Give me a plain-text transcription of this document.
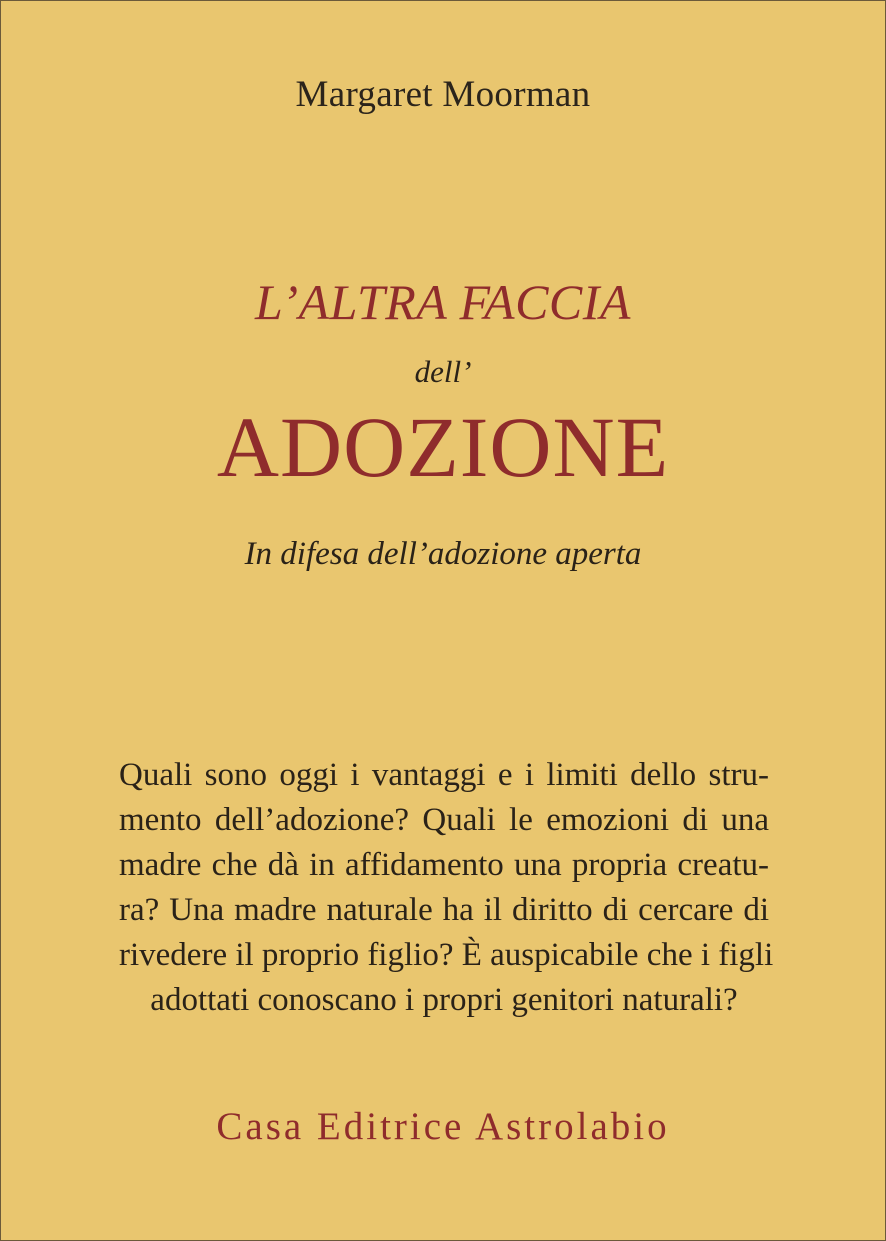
Margaret Moorman
L’ALTRA FACCIA
dell’
ADOZIONE
In difesa dell’adozione aperta
Quali sono oggi i vantaggi e i limiti dello stru-
mento dell’adozione? Quali le emozioni di una
madre che dà in affidamento una propria creatu-
ra? Una madre naturale ha il diritto di cercare di
rivedere il proprio figlio? È auspicabile che i figli
adottati conoscano i propri genitori naturali?
Casa Editrice Astrolabio
